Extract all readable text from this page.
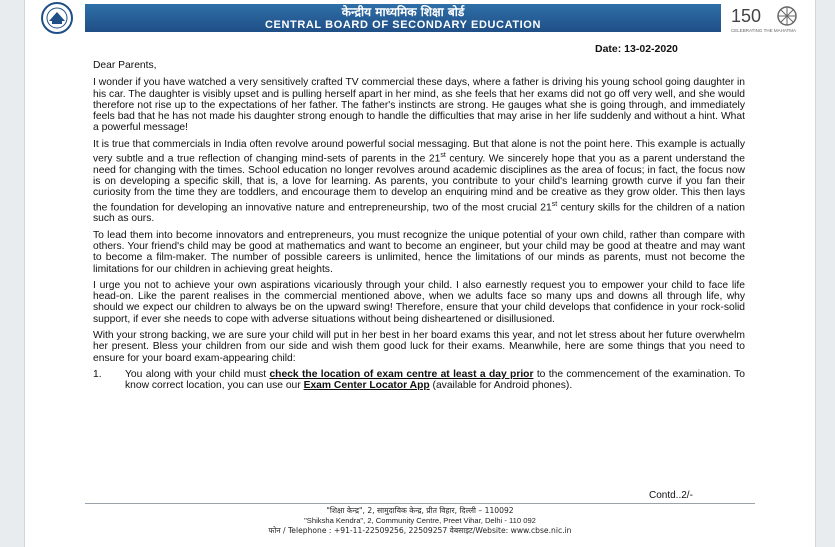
केन्द्रीय माध्यमिक शिक्षा बोर्ड
CENTRAL BOARD OF SECONDARY EDUCATION	150
CELEBRATING THE MAHATMA
Date: 13-02-2020

Dear Parents,

I wonder if you have watched a very sensitively crafted TV commercial these days, where a father is driving his young school going daughter in his car. The daughter is visibly upset and is pulling herself apart in her mind, as she feels that her exams did not go off very well, and she would therefore not rise up to the expectations of her father. The father's instincts are strong. He gauges what she is going through, and immediately feels bad that he has not made his daughter strong enough to handle the difficulties that may arise in her life suddenly and without a hint. What a powerful message!

It is true that commercials in India often revolve around powerful social messaging. But that alone is not the point here. This example is actually very subtle and a true reflection of changing mind-sets of parents in the 21st century. We sincerely hope that you as a parent understand the need for changing with the times. School education no longer revolves around academic disciplines as the area of focus; in fact, the focus now is on developing a specific skill, that is, a love for learning. As parents, you contribute to your child's learning growth curve if you fan their curiosity from the time they are toddlers, and encourage them to develop an enquiring mind and be creative as they grow older. This then lays the foundation for developing an innovative nature and entrepreneurship, two of the most crucial 21st century skills for the children of a nation such as ours.

To lead them into become innovators and entrepreneurs, you must recognize the unique potential of your own child, rather than compare with others. Your friend's child may be good at mathematics and want to become an engineer, but your child may be good at theatre and may want to become a film-maker. The number of possible careers is unlimited, hence the limitations of our minds as parents, must not become the limitations for our children in achieving great heights.

I urge you not to achieve your own aspirations vicariously through your child. I also earnestly request you to empower your child to face life head-on. Like the parent realises in the commercial mentioned above, when we adults face so many ups and downs all through life, why should we expect our children to always be on the upward swing! Therefore, ensure that your child develops that confidence in your rock-solid support, if ever she needs to cope with adverse situations without being disheartened or disillusioned.

With your strong backing, we are sure your child will put in her best in her board exams this year, and not let stress about her future overwhelm her present. Bless your children from our side and wish them good luck for their exams. Meanwhile, here are some things that you need to ensure for your board exam-appearing child:

1. You along with your child must check the location of exam centre at least a day prior to the commencement of the examination. To know correct location, you can use our Exam Center Locator App (available for Android phones).
Contd..2/-
"शिक्षा केन्द्र", 2, सामुदायिक केन्द्र, प्रीत विहार, दिल्ली – 110092
"Shiksha Kendra", 2, Community Centre, Preet Vihar, Delhi - 110 092
फोन / Telephone : +91-11-22509256, 22509257 वेबसाइट/Website: www.cbse.nic.in
